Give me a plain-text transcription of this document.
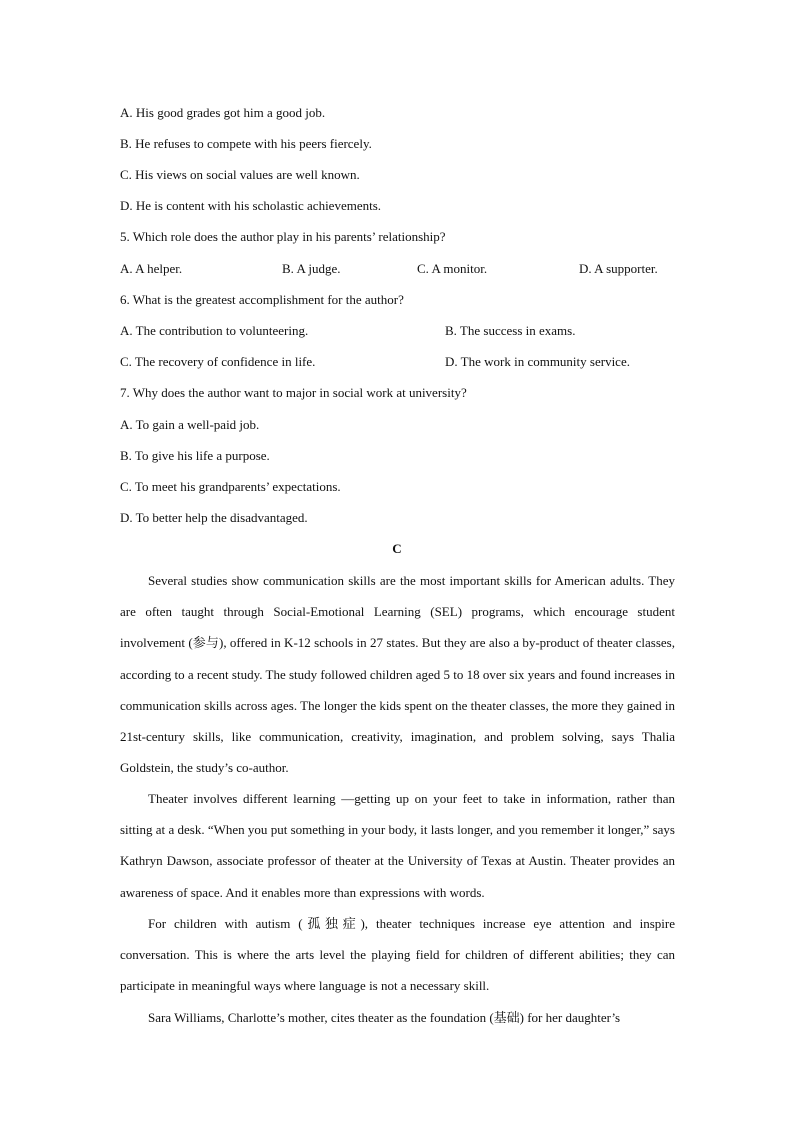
A. His good grades got him a good job.
B. He refuses to compete with his peers fiercely.
C. His views on social values are well known.
D. He is content with his scholastic achievements.
5. Which role does the author play in his parents’ relationship?
A. A helper.	B. A judge.	C. A monitor.	D. A supporter.
6. What is the greatest accomplishment for the author?
A. The contribution to volunteering.	B. The success in exams.
C. The recovery of confidence in life.	D. The work in community service.
7. Why does the author want to major in social work at university?
A. To gain a well-paid job.
B. To give his life a purpose.
C. To meet his grandparents’ expectations.
D. To better help the disadvantaged.
C

Several studies show communication skills are the most important skills for American adults. They are often taught through Social-Emotional Learning (SEL) programs, which encourage student involvement (参与), offered in K-12 schools in 27 states. But they are also a by-product of theater classes, according to a recent study. The study followed children aged 5 to 18 over six years and found increases in communication skills across ages. The longer the kids spent on the theater classes, the more they gained in 21st-century skills, like communication, creativity, imagination, and problem solving, says Thalia Goldstein, the study’s co-author.

Theater involves different learning —getting up on your feet to take in information, rather than sitting at a desk. “When you put something in your body, it lasts longer, and you remember it longer,” says Kathryn Dawson, associate professor of theater at the University of Texas at Austin. Theater provides an awareness of space. And it enables more than expressions with words.

For children with autism (孤独症), theater techniques increase eye attention and inspire conversation. This is where the arts level the playing field for children of different abilities; they can participate in meaningful ways where language is not a necessary skill.

Sara Williams, Charlotte’s mother, cites theater as the foundation (基础) for her daughter’s
